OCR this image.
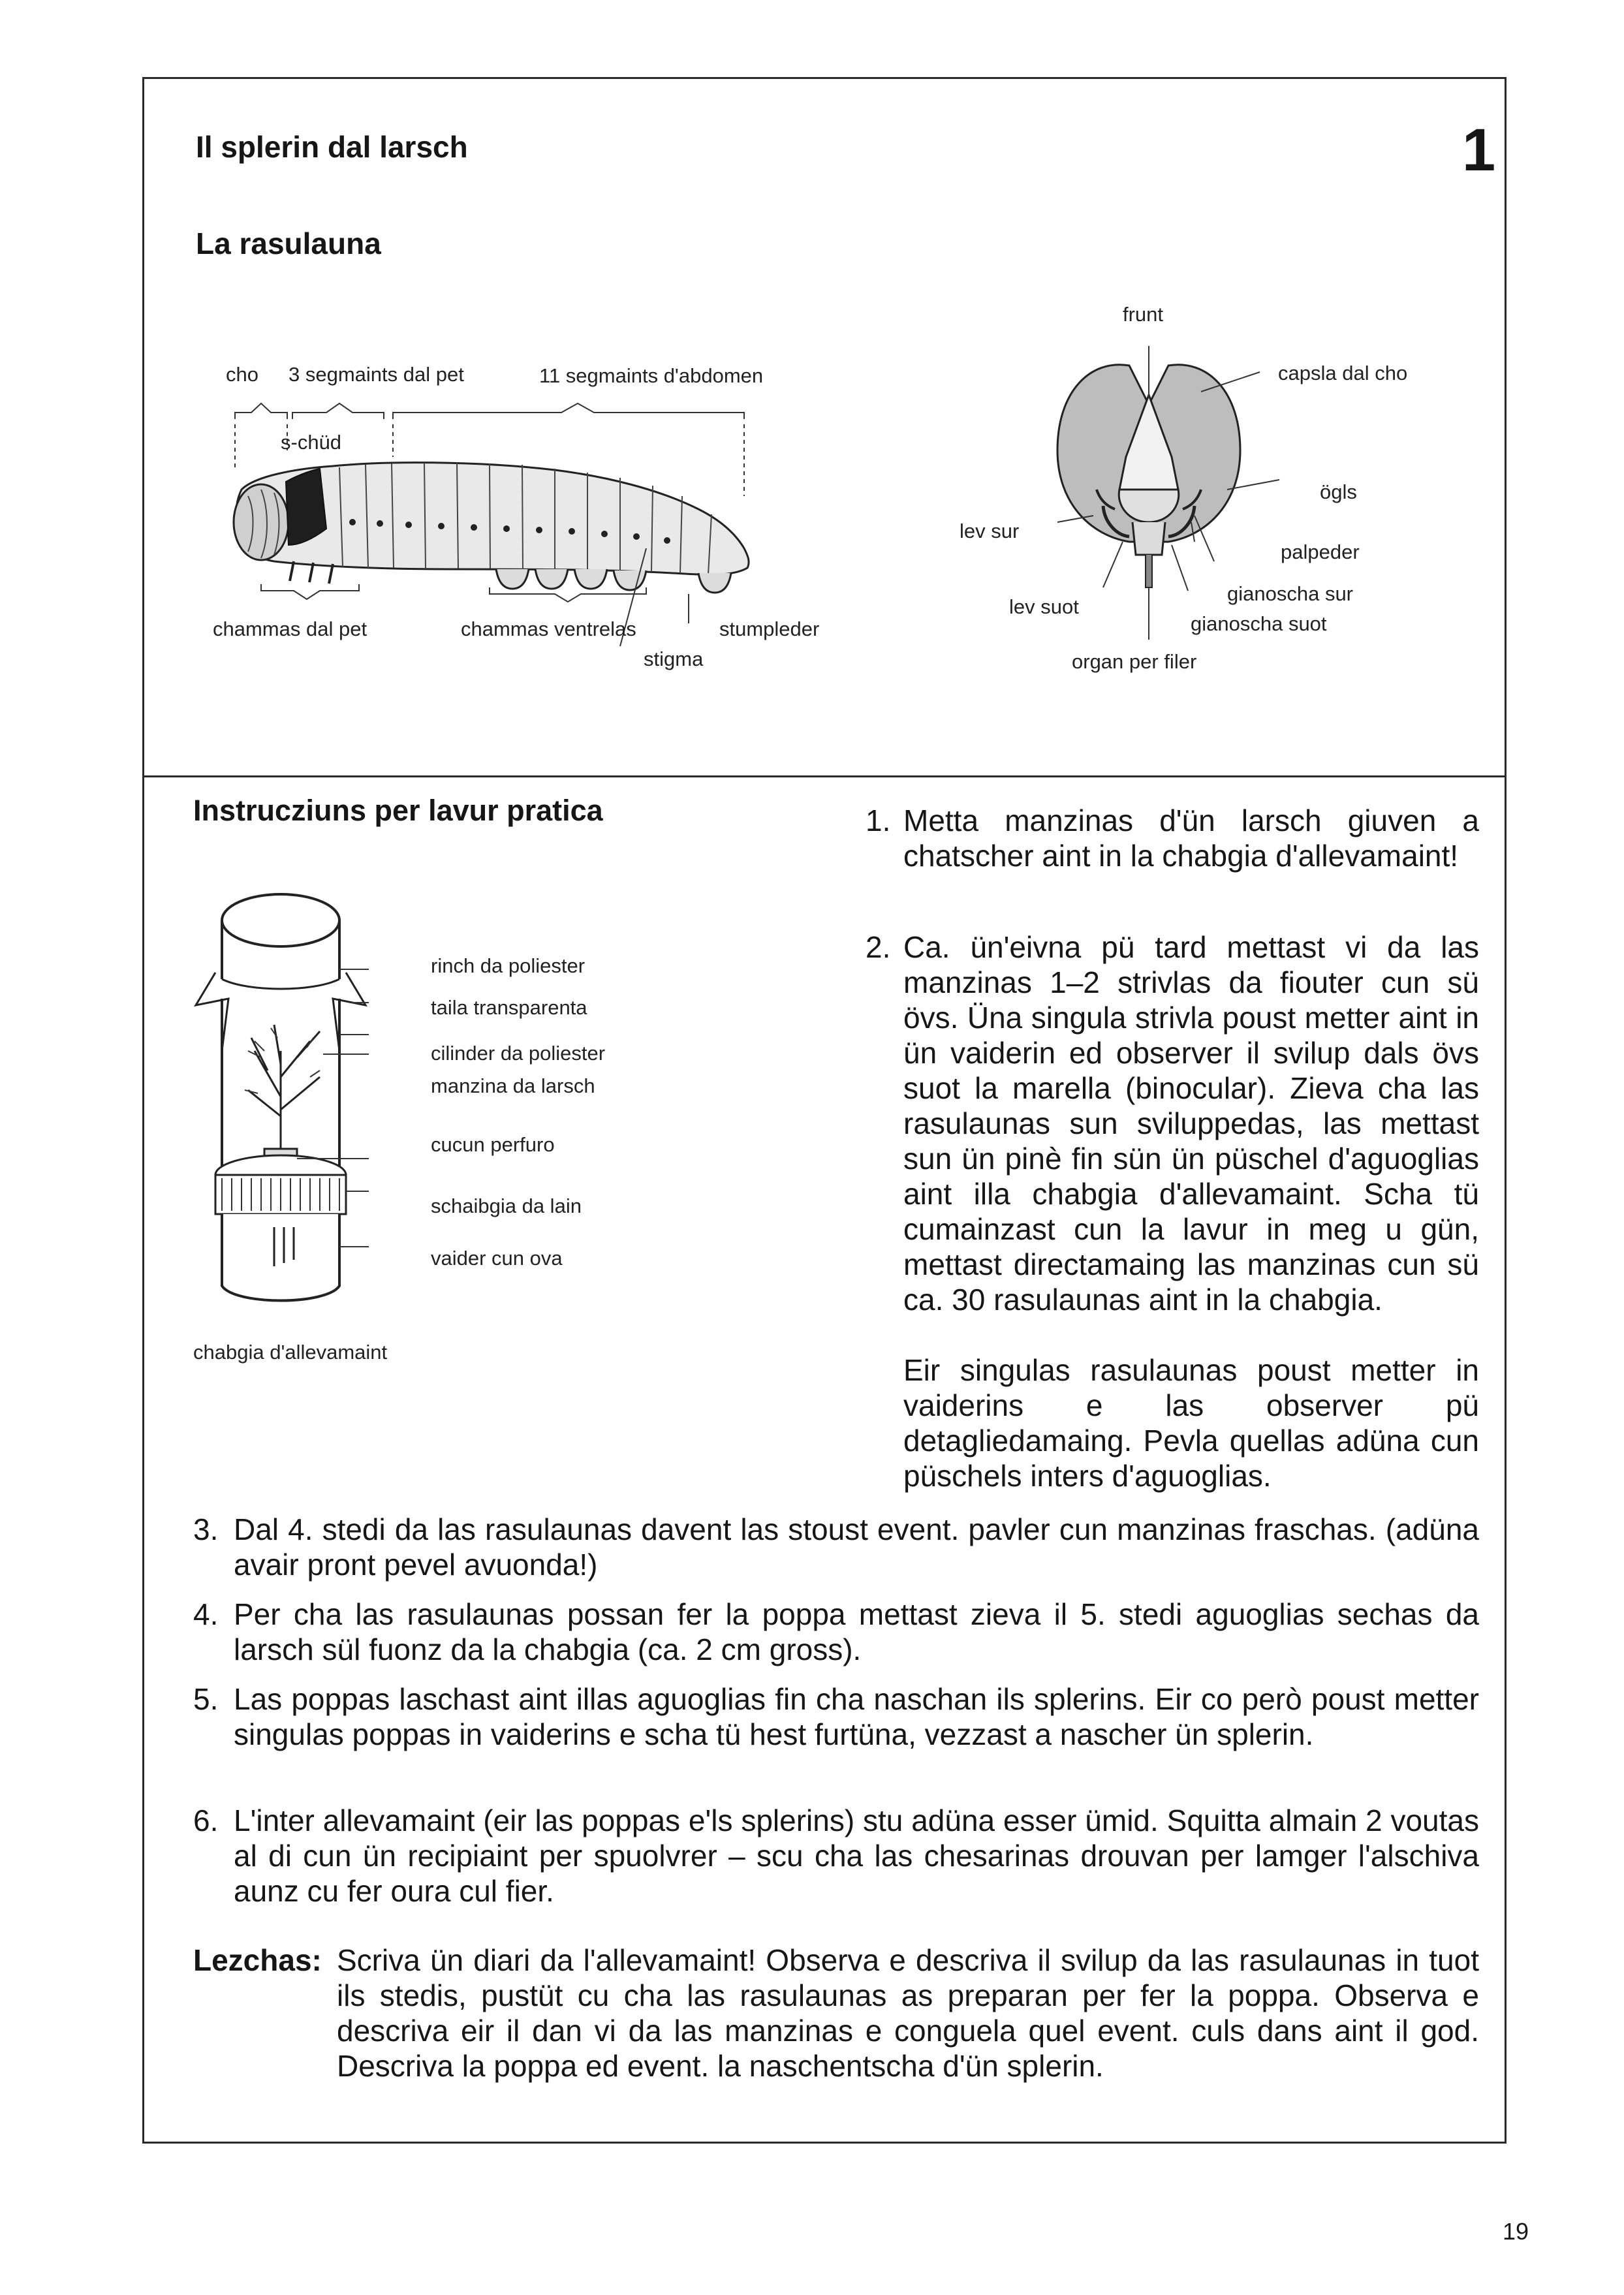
Il splerin dal larsch	1
La rasulauna
cho 3 segmaints dal pet	11 segmaints d'abdomen
s-chüd
chammas dal pet	chammas ventrelas	stumpleder
stigma
frunt
capsla dal cho
ögls
lev sur
palpeder
gianoscha sur
lev suot
gianoscha suot
organ per filer
Instrucziuns per lavur pratica
rinch da poliester
taila transparenta
cilinder da poliester
manzina da larsch
cucun perfuro
schaibgia da lain
vaider cun ova
chabgia d'allevamaint
1. Metta manzinas d'ün larsch giuven a chatscher aint in la chabgia d'allevamaint!
2. Ca. ün'eivna pü tard mettast vi da las manzinas 1–2 strivlas da fiouter cun sü övs. Üna singula strivla poust metter aint in ün vaiderin ed observer il svilup dals övs suot la marella (binocular). Zieva cha las rasulaunas sun sviluppedas, las mettast sun ün pinè fin sün ün püschel d'aguoglias aint illa chabgia d'allevamaint. Scha tü cumainzast cun la lavur in meg u gün, mettast directamaing las manzinas cun sü ca. 30 rasulaunas aint in la chabgia.
Eir singulas rasulaunas poust metter in vaiderins e las observer pü detagliedamaing. Pevla quellas adüna cun püschels inters d'aguoglias.
3. Dal 4. stedi da las rasulaunas davent las stoust event. pavler cun manzinas fraschas. (adüna avair pront pevel avuonda!)
4. Per cha las rasulaunas possan fer la poppa mettast zieva il 5. stedi aguoglias sechas da larsch sül fuonz da la chabgia (ca. 2 cm gross).
5. Las poppas laschast aint illas aguoglias fin cha naschan ils splerins. Eir co però poust metter singulas poppas in vaiderins e scha tü hest furtüna, vezzast a nascher ün splerin.
6. L'inter allevamaint (eir las poppas e'ls splerins) stu adüna esser ümid. Squitta almain 2 voutas al di cun ün recipiaint per spuolvrer – scu cha las chesarinas drouvan per lamger l'alschiva aunz cu fer oura cul fier.
Lezchas: Scriva ün diari da l'allevamaint! Observa e descriva il svilup da las rasulaunas in tuot ils stedis, pustüt cu cha las rasulaunas as preparan per fer la poppa. Observa e descriva eir il dan vi da las manzinas e conguela quel event. culs dans aint il god. Descriva la poppa ed event. la naschentscha d'ün splerin.
19
